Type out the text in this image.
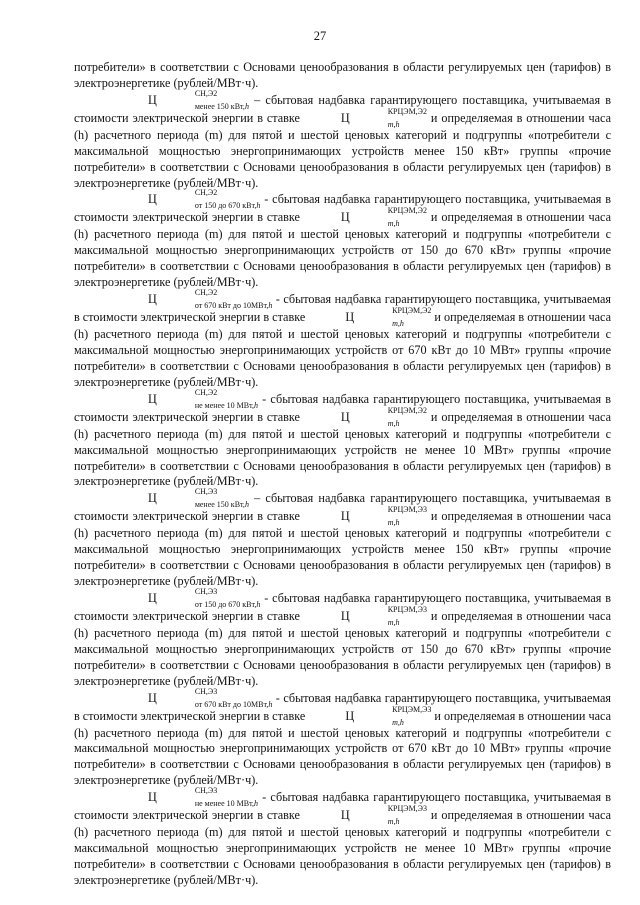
27

потребители» в соответствии с Основами ценообразования в области регулируемых цен (тарифов) в электроэнергетике (рублей/МВт·ч).

Ц	СН,Э2
менее 150 кВт,h – сбытовая надбавка гарантирующего поставщика, учитываемая в стоимости электрической энергии в ставке	Ц	КРЦЭМ,Э2
m,h	и определяемая в отношении часа (h) расчетного периода (m) для пятой и шестой ценовых категорий и подгруппы «потребители с максимальной мощностью энергопринимающих устройств менее 150 кВт» группы «прочие потребители» в соответствии с Основами ценообразования в области регулируемых цен (тарифов) в электроэнергетике (рублей/МВт·ч).

Ц	СН,Э2
от 150 до 670 кВт,h - сбытовая надбавка гарантирующего поставщика, учитываемая в стоимости электрической энергии в ставке	Ц	КРЦЭМ,Э2
m,h	и определяемая в отношении часа (h) расчетного периода (m) для пятой и шестой ценовых категорий и подгруппы «потребители с максимальной мощностью энергопринимающих устройств от 150 до 670 кВт» группы «прочие потребители» в соответствии с Основами ценообразования в области регулируемых цен (тарифов) в электроэнергетике (рублей/МВт·ч).

Ц	СН,Э2
от 670 кВт до 10МВт,h - сбытовая надбавка гарантирующего поставщика, учитываемая в стоимости электрической энергии в ставке	Ц	КРЦЭМ,Э2
m,h	и определяемая в отношении часа (h) расчетного периода (m) для пятой и шестой ценовых категорий и подгруппы «потребители с максимальной мощностью энергопринимающих устройств от 670 кВт до 10 МВт» группы «прочие потребители» в соответствии с Основами ценообразования в области регулируемых цен (тарифов) в электроэнергетике (рублей/МВт·ч).

Ц	СН,Э2
не менее 10 МВт,h - сбытовая надбавка гарантирующего поставщика, учитываемая в стоимости электрической энергии в ставке	Ц	КРЦЭМ,Э2
m,h	и определяемая в отношении часа (h) расчетного периода (m) для пятой и шестой ценовых категорий и подгруппы «потребители с максимальной мощностью энергопринимающих устройств не менее 10 МВт» группы «прочие потребители» в соответствии с Основами ценообразования в области регулируемых цен (тарифов) в электроэнергетике (рублей/МВт·ч).

Ц	СН,Э3
менее 150 кВт,h – сбытовая надбавка гарантирующего поставщика, учитываемая в стоимости электрической энергии в ставке	Ц	КРЦЭМ,Э3
m,h	и определяемая в отношении часа (h) расчетного периода (m) для пятой и шестой ценовых категорий и подгруппы «потребители с максимальной мощностью энергопринимающих устройств менее 150 кВт» группы «прочие потребители» в соответствии с Основами ценообразования в области регулируемых цен (тарифов) в электроэнергетике (рублей/МВт·ч).

Ц	СН,Э3
от 150 до 670 кВт,h - сбытовая надбавка гарантирующего поставщика, учитываемая в стоимости электрической энергии в ставке	Ц	КРЦЭМ,Э3
m,h	и определяемая в отношении часа (h) расчетного периода (m) для пятой и шестой ценовых категорий и подгруппы «потребители с максимальной мощностью энергопринимающих устройств от 150 до 670 кВт» группы «прочие потребители» в соответствии с Основами ценообразования в области регулируемых цен (тарифов) в электроэнергетике (рублей/МВт·ч).

Ц	СН,Э3
от 670 кВт до 10МВт,h - сбытовая надбавка гарантирующего поставщика, учитываемая в стоимости электрической энергии в ставке	Ц	КРЦЭМ,Э3
m,h	и определяемая в отношении часа (h) расчетного периода (m) для пятой и шестой ценовых категорий и подгруппы «потребители с максимальной мощностью энергопринимающих устройств от 670 кВт до 10 МВт» группы «прочие потребители» в соответствии с Основами ценообразования в области регулируемых цен (тарифов) в электроэнергетике (рублей/МВт·ч).

Ц	СН,Э3
не менее 10 МВт,h - сбытовая надбавка гарантирующего поставщика, учитываемая в стоимости электрической энергии в ставке	Ц	КРЦЭМ,Э3
m,h	и определяемая в отношении часа (h) расчетного периода (m) для пятой и шестой ценовых категорий и подгруппы «потребители с максимальной мощностью энергопринимающих устройств не менее 10 МВт» группы «прочие потребители» в соответствии с Основами ценообразования в области регулируемых цен (тарифов) в электроэнергетике (рублей/МВт·ч).
